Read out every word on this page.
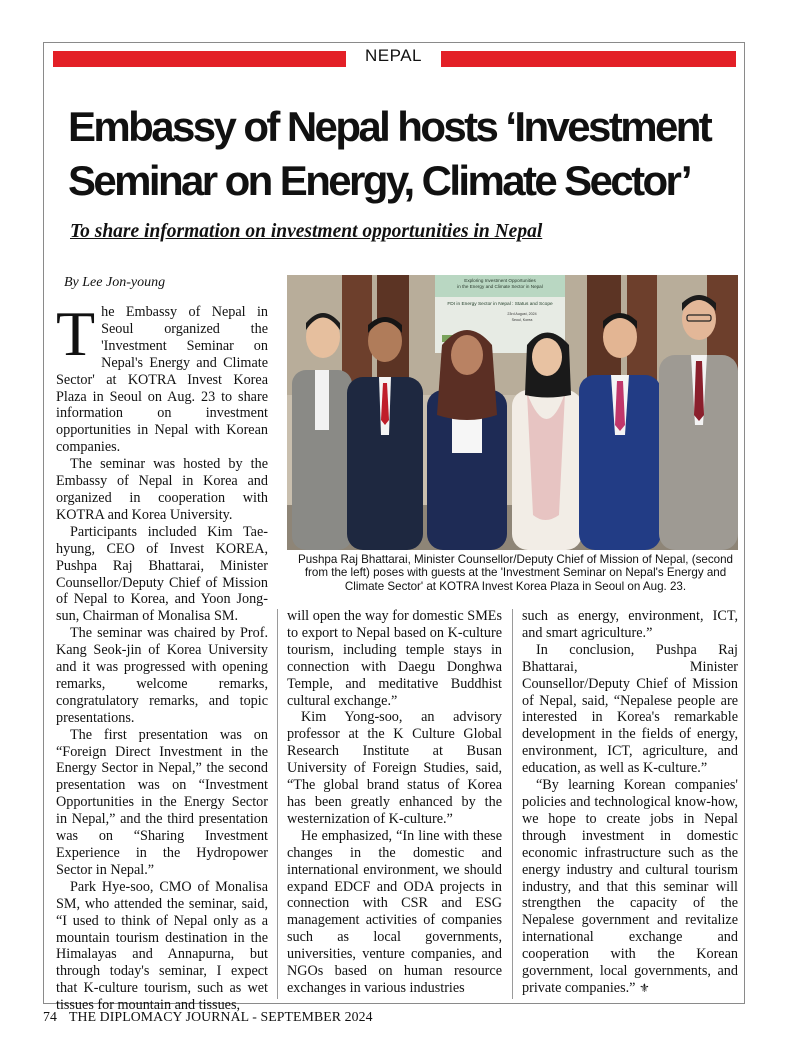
NEPAL
Embassy of Nepal hosts ‘Investment Seminar on Energy, Climate Sector’
To share information on investment opportunities in Nepal
By Lee Jon-young

The Embassy of Nepal in Seoul organized the 'Investment Seminar on Nepal's Energy and Climate Sector' at KOTRA Invest Korea Plaza in Seoul on Aug. 23 to share information on investment opportunities in Nepal with Korean companies.

The seminar was hosted by the Embassy of Nepal in Korea and organized in cooperation with KOTRA and Korea University.

Participants included Kim Tae-hyung, CEO of Invest KOREA, Pushpa Raj Bhattarai, Minister Counsellor/Deputy Chief of Mission of Nepal to Korea, and Yoon Jong-sun, Chairman of Monalisa SM.

The seminar was chaired by Prof. Kang Seok-jin of Korea University and it was progressed with opening remarks, welcome remarks, congratulatory remarks, and topic presentations.

The first presentation was on “Foreign Direct Investment in the Energy Sector in Nepal,” the second presentation was on “Investment Opportunities in the Energy Sector in Nepal,” and the third presentation was on “Sharing Investment Experience in the Hydropower Sector in Nepal.”

Park Hye-soo, CMO of Monalisa SM, who attended the seminar, said, “I used to think of Nepal only as a mountain tourism destination in the Himalayas and Annapurna, but through today's seminar, I expect that K-culture tourism, such as wet tissues for mountain and tissues,

Exploring Investment Opportunities
in the Energy and Climate Sector in Nepal
FDI in Energy Sector in Nepal : Status and Scope
23rd August, 2024
Seoul, Korea
Pushpa Raj Bhattarai, Minister Counsellor/Deputy Chief of Mission of Nepal, (second from the left) poses with guests at the 'Investment Seminar on Nepal's Energy and Climate Sector' at KOTRA Invest Korea Plaza in Seoul on Aug. 23.

will open the way for domestic SMEs to export to Nepal based on K-culture tourism, including temple stays in connection with Daegu Donghwa Temple, and meditative Buddhist cultural exchange.”

Kim Yong-soo, an advisory professor at the K Culture Global Research Institute at Busan University of Foreign Studies, said, “The global brand status of Korea has been greatly enhanced by the westernization of K-culture.”

He emphasized, “In line with these changes in the domestic and international environment, we should expand EDCF and ODA projects in connection with CSR and ESG management activities of companies such as local governments, universities, venture companies, and NGOs based on human resource exchanges in various industries

such as energy, environment, ICT, and smart agriculture.”

In conclusion, Pushpa Raj Bhattarai, Minister Counsellor/Deputy Chief of Mission of Nepal, said, “Nepalese people are interested in Korea's remarkable development in the fields of energy, environment, ICT, agriculture, and education, as well as K-culture.”

“By learning Korean companies' policies and technological know-how, we hope to create jobs in Nepal through investment in domestic economic infrastructure such as the energy industry and cultural tourism industry, and that this seminar will strengthen the capacity of the Nepalese government and revitalize international exchange and cooperation with the Korean government, local governments, and private companies.” ⚜

74 THE DIPLOMACY JOURNAL - SEPTEMBER 2024
